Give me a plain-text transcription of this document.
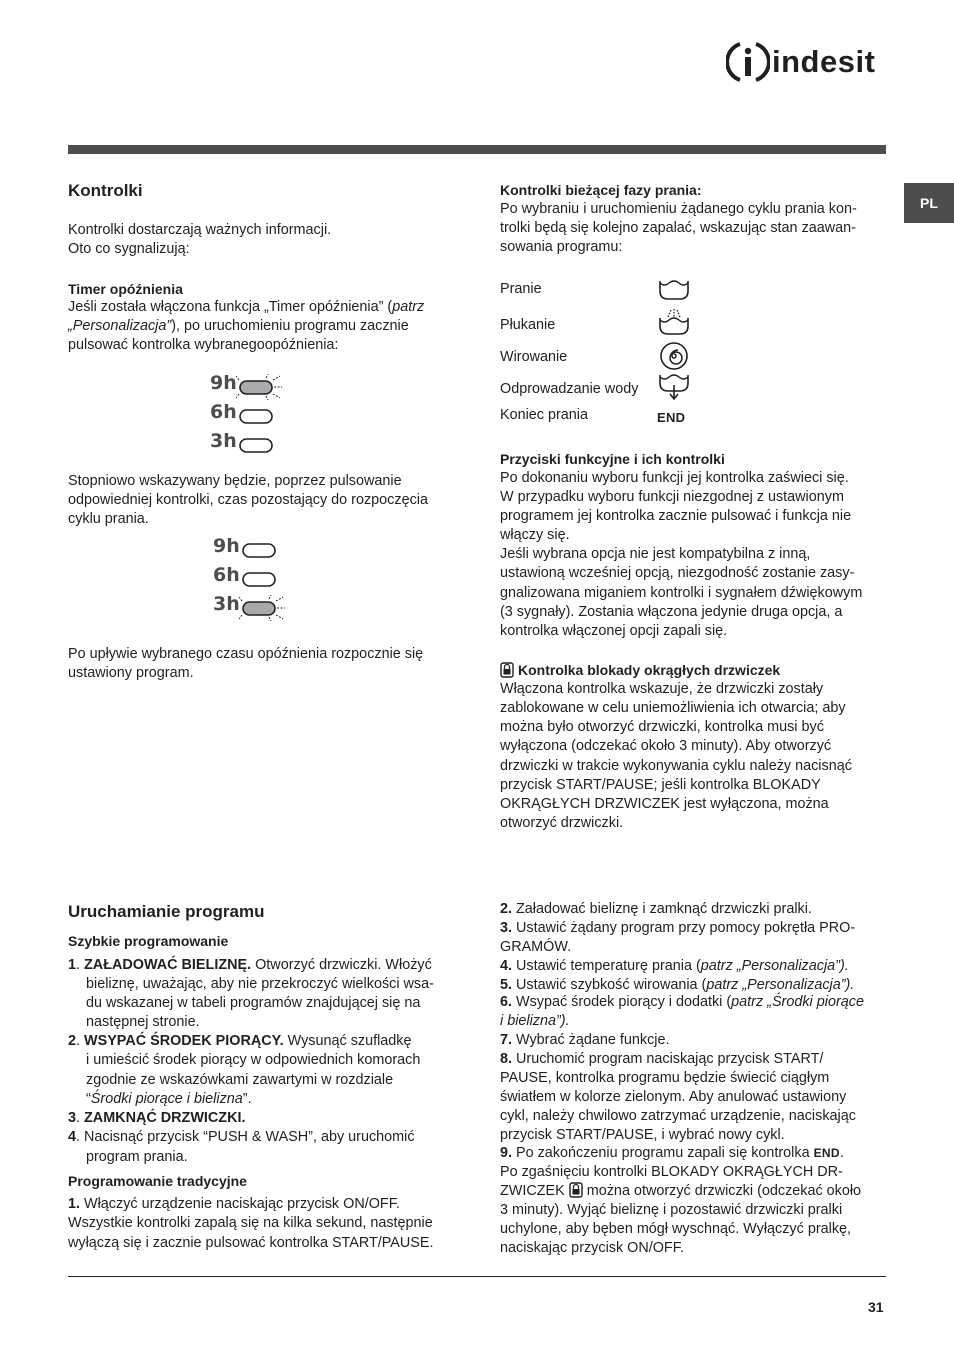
indesit
PL
Kontrolki

Kontrolki dostarczają ważnych informacji.

Oto co sygnalizują:

Timer opóźnienia

Jeśli została włączona funkcja „Timer opóźnienia” (patrz

„Personalizacja”), po uruchomieniu programu zacznie

pulsować kontrolka wybranegoopóźnienia:

9h
6h
3h

Stopniowo wskazywany będzie, poprzez pulsowanie

odpowiedniej kontrolki, czas pozostający do rozpoczęcia

cyklu prania.

9h
6h
3h

Po upływie wybranego czasu opóźnienia rozpocznie się

ustawiony program.

Kontrolki bieżącej fazy prania:

Po wybraniu i uruchomieniu żądanego cyklu prania kon-

trolki będą się kolejno zapalać, wskazując stan zaawan-

sowania programu:

Pranie

Płukanie

Wirowanie

Odprowadzanie wody

Koniec prania	END

Przyciski funkcyjne i ich kontrolki

Po dokonaniu wyboru funkcji jej kontrolka zaświeci się.

W przypadku wyboru funkcji niezgodnej z ustawionym

programem jej kontrolka zacznie pulsować i funkcja nie

włączy się.

Jeśli wybrana opcja nie jest kompatybilna z inną,

ustawioną wcześniej opcją, niezgodność zostanie zasy-

gnalizowana miganiem kontrolki i sygnałem dźwiękowym

(3 sygnały). Zostania włączona jedynie druga opcja, a

kontrolka włączonej opcji zapali się.

Kontrolka blokady okrągłych drzwiczek

Włączona kontrolka wskazuje, że drzwiczki zostały

zablokowane w celu uniemożliwienia ich otwarcia; aby

można było otworzyć drzwiczki, kontrolka musi być

wyłączona (odczekać około 3 minuty). Aby otworzyć

drzwiczki w trakcie wykonywania cyklu należy nacisnąć

przycisk START/PAUSE; jeśli kontrolka BLOKADY

OKRĄGŁYCH DRZWICZEK jest wyłączona, można

otworzyć drzwiczki.

Uruchamianie programu

Szybkie programowanie

1. ZAŁADOWAĆ BIELIZNĘ. Otworzyć drzwiczki. Włożyć

bieliznę, uważając, aby nie przekroczyć wielkości wsa-

du wskazanej w tabeli programów znajdującej się na

następnej stronie.

2. WSYPAĆ ŚRODEK PIORĄCY. Wysunąć szufladkę

i umieścić środek piorący w odpowiednich komorach

zgodnie ze wskazówkami zawartymi w rozdziale

“Środki piorące i bielizna”.

3. ZAMKNĄĆ DRZWICZKI.

4. Nacisnąć przycisk “PUSH & WASH”, aby uruchomić

program prania.

Programowanie tradycyjne

1. Włączyć urządzenie naciskając przycisk ON/OFF.

Wszystkie kontrolki zapalą się na kilka sekund, następnie

wyłączą się i zacznie pulsować kontrolka START/PAUSE.

2. Załadować bieliznę i zamknąć drzwiczki pralki.

3. Ustawić żądany program przy pomocy pokrętła PRO-

GRAMÓW.

4. Ustawić temperaturę prania (patrz „Personalizacja”).

5. Ustawić szybkość wirowania (patrz „Personalizacja”).

6. Wsypać środek piorący i dodatki (patrz „Środki piorące

i bielizna”).

7. Wybrać żądane funkcje.

8. Uruchomić program naciskając przycisk START/

PAUSE, kontrolka programu będzie świecić ciągłym

światłem w kolorze zielonym. Aby anulować ustawiony

cykl, należy chwilowo zatrzymać urządzenie, naciskając

przycisk START/PAUSE, i wybrać nowy cykl.

9. Po zakończeniu programu zapali się kontrolka END.

Po zgaśnięciu kontrolki BLOKADY OKRĄGŁYCH DR-

ZWICZEK  można otworzyć drzwiczki (odczekać około

3 minuty). Wyjąć bieliznę i pozostawić drzwiczki pralki

uchylone, aby bęben mógł wyschnąć. Wyłączyć pralkę,

naciskając przycisk ON/OFF.

31
